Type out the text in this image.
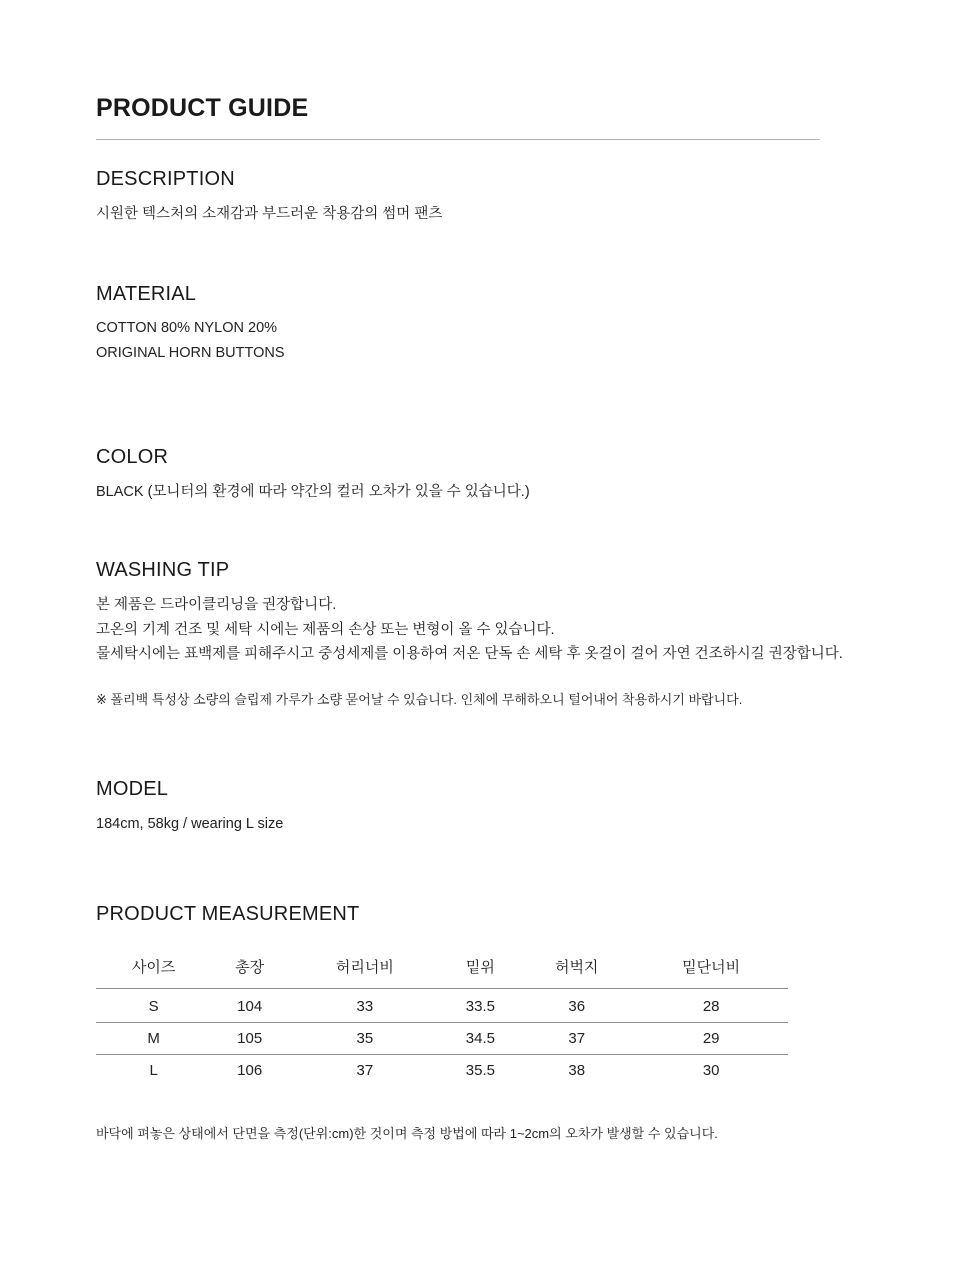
PRODUCT GUIDE
DESCRIPTION

시원한 텍스처의 소재감과 부드러운 착용감의 썸머 팬츠

MATERIAL

COTTON 80% NYLON 20%
ORIGINAL HORN BUTTONS

COLOR

BLACK (모니터의 환경에 따라 약간의 컬러 오차가 있을 수 있습니다.)

WASHING TIP

본 제품은 드라이클리닝을 권장합니다.
고온의 기계 건조 및 세탁 시에는 제품의 손상 또는 변형이 올 수 있습니다.
물세탁시에는 표백제를 피해주시고 중성세제를 이용하여 저온 단독 손 세탁 후 옷걸이 걸어 자연 건조하시길 권장합니다.

※ 폴리백 특성상 소량의 슬립제 가루가 소량 묻어날 수 있습니다. 인체에 무해하오니 털어내어 착용하시기 바랍니다.

MODEL

184cm, 58kg / wearing L size

PRODUCT MEASUREMENT
사이즈	총장	허리너비	밑위	허벅지	밑단너비
S	104	33	33.5	36	28
M	105	35	34.5	37	29
L	106	37	35.5	38	30

바닥에 펴놓은 상태에서 단면을 측정(단위:cm)한 것이며 측정 방법에 따라 1~2cm의 오차가 발생할 수 있습니다.
